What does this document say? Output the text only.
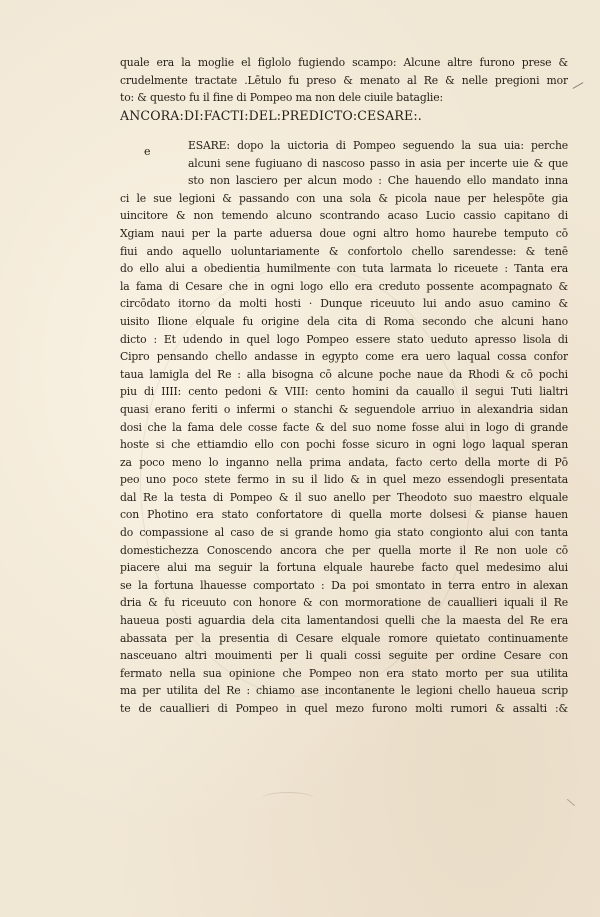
quale era la moglie el figlolo fugiendo scampo: Alcune altre furono prese &
crudelmente tractate .Lētulo fu preso & menato al Re & nelle pregioni mor
to: & questo fu il fine di Pompeo ma non dele ciuile bataglie:
ANCORA:DI:FACTI:DEL:PREDICTO:CESARE:.
e	ESARE: dopo la uictoria di Pompeo seguendo la sua uia: perche
alcuni sene fugiuano di nascoso passo in asia per incerte uie & que
sto non lasciero per alcun modo : Che hauendo ello mandato inna
ci le sue legioni & passando con una sola & picola naue per helespōte gia
uincitore & non temendo alcuno scontrando acaso Lucio cassio capitano di
Xgiam naui per la parte aduersa doue ogni altro homo haurebe temputo cō
fiui ando aquello uoluntariamente & confortolo chello sarendesse: & tenē
do ello alui a obedientia humilmente con tuta larmata lo riceuete : Tanta era
la fama di Cesare che in ogni logo ello era creduto possente acompagnato &
circōdato itorno da molti hosti · Dunque riceuuto lui ando asuo camino &
uisito Ilione elquale fu origine dela cita di Roma secondo che alcuni hano
dicto : Et udendo in quel logo Pompeo essere stato ueduto apresso lisola di
Cipro pensando chello andasse in egypto come era uero laqual cossa confor
taua lamigla del Re : alla bisogna cō alcune poche naue da Rhodi & cō pochi
piu di IIII: cento pedoni & VIII: cento homini da cauallo il segui Tuti lialtri
quasi erano feriti o infermi o stanchi & seguendole arriuo in alexandria sidan
dosi che la fama dele cosse facte & del suo nome fosse alui in logo di grande
hoste si che ettiamdio ello con pochi fosse sicuro in ogni logo laqual speran
za poco meno lo inganno nella prima andata, facto certo della morte di Pō
peo uno poco stete fermo in su il lido & in quel mezo essendogli presentata
dal Re la testa di Pompeo & il suo anello per Theodoto suo maestro elquale
con Photino era stato confortatore di quella morte dolsesi & pianse hauen
do compassione al caso de si grande homo gia stato congionto alui con tanta
domestichezza Conoscendo ancora che per quella morte il Re non uole cō
piacere alui ma seguir la fortuna elquale haurebe facto quel medesimo alui
se la fortuna lhauesse comportato : Da poi smontato in terra entro in alexan
dria & fu riceuuto con honore & con mormoratione de cauallieri iquali il Re
haueua posti aguardia dela cita lamentandosi quelli che la maesta del Re era
abassata per la presentia di Cesare elquale romore quietato continuamente
nasceuano altri mouimenti per li quali cossi seguite per ordine Cesare con
fermato nella sua opinione che Pompeo non era stato morto per sua utilita
ma per utilita del Re : chiamo ase incontanente le legioni chello haueua scrip
te de cauallieri di Pompeo in quel mezo furono molti rumori & assalti :&
